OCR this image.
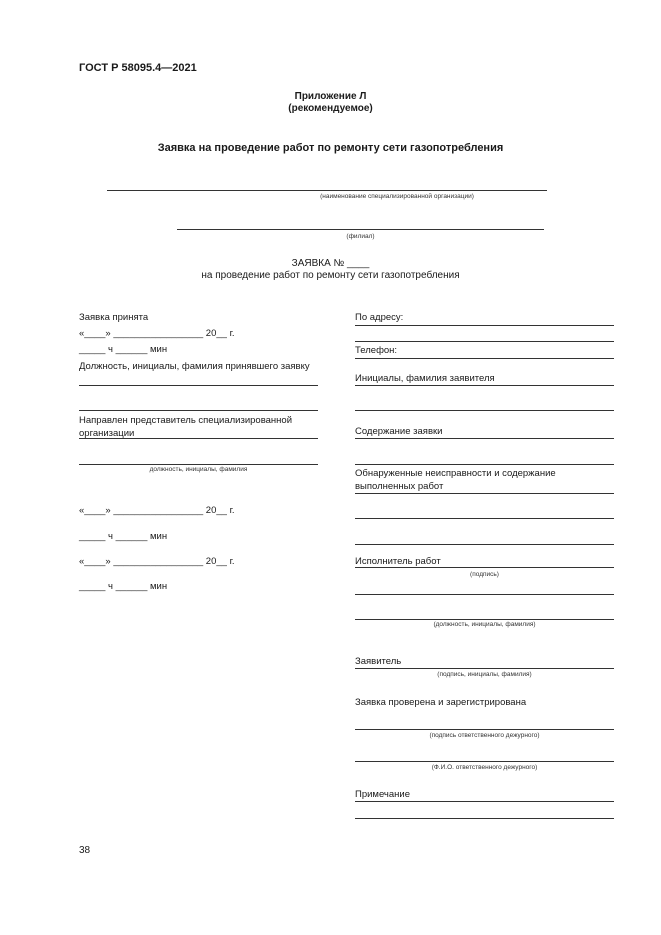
ГОСТ Р 58095.4—2021
Приложение Л
(рекомендуемое)
Заявка на проведение работ по ремонту сети газопотребления
(наименование специализированной организации)
(филиал)
ЗАЯВКА № ____
на проведение работ по ремонту сети газопотребления
Заявка принята
«____» _________________ 20__ г.
_____ ч ______ мин
Должность, инициалы, фамилия принявшего заявку
Направлен представитель специализированной организации
должность, инициалы, фамилия
«____» _________________ 20__ г.
_____ ч ______ мин
«____» _________________ 20__ г.
_____ ч ______ мин
По адресу:
Телефон:
Инициалы, фамилия заявителя
Содержание заявки
Обнаруженные неисправности и содержание выполненных работ
Исполнитель работ
(подпись)
(должность, инициалы, фамилия)
Заявитель
(подпись, инициалы, фамилия)
Заявка проверена и зарегистрирована
(подпись ответственного дежурного)
(Ф.И.О. ответственного дежурного)
Примечание
38
